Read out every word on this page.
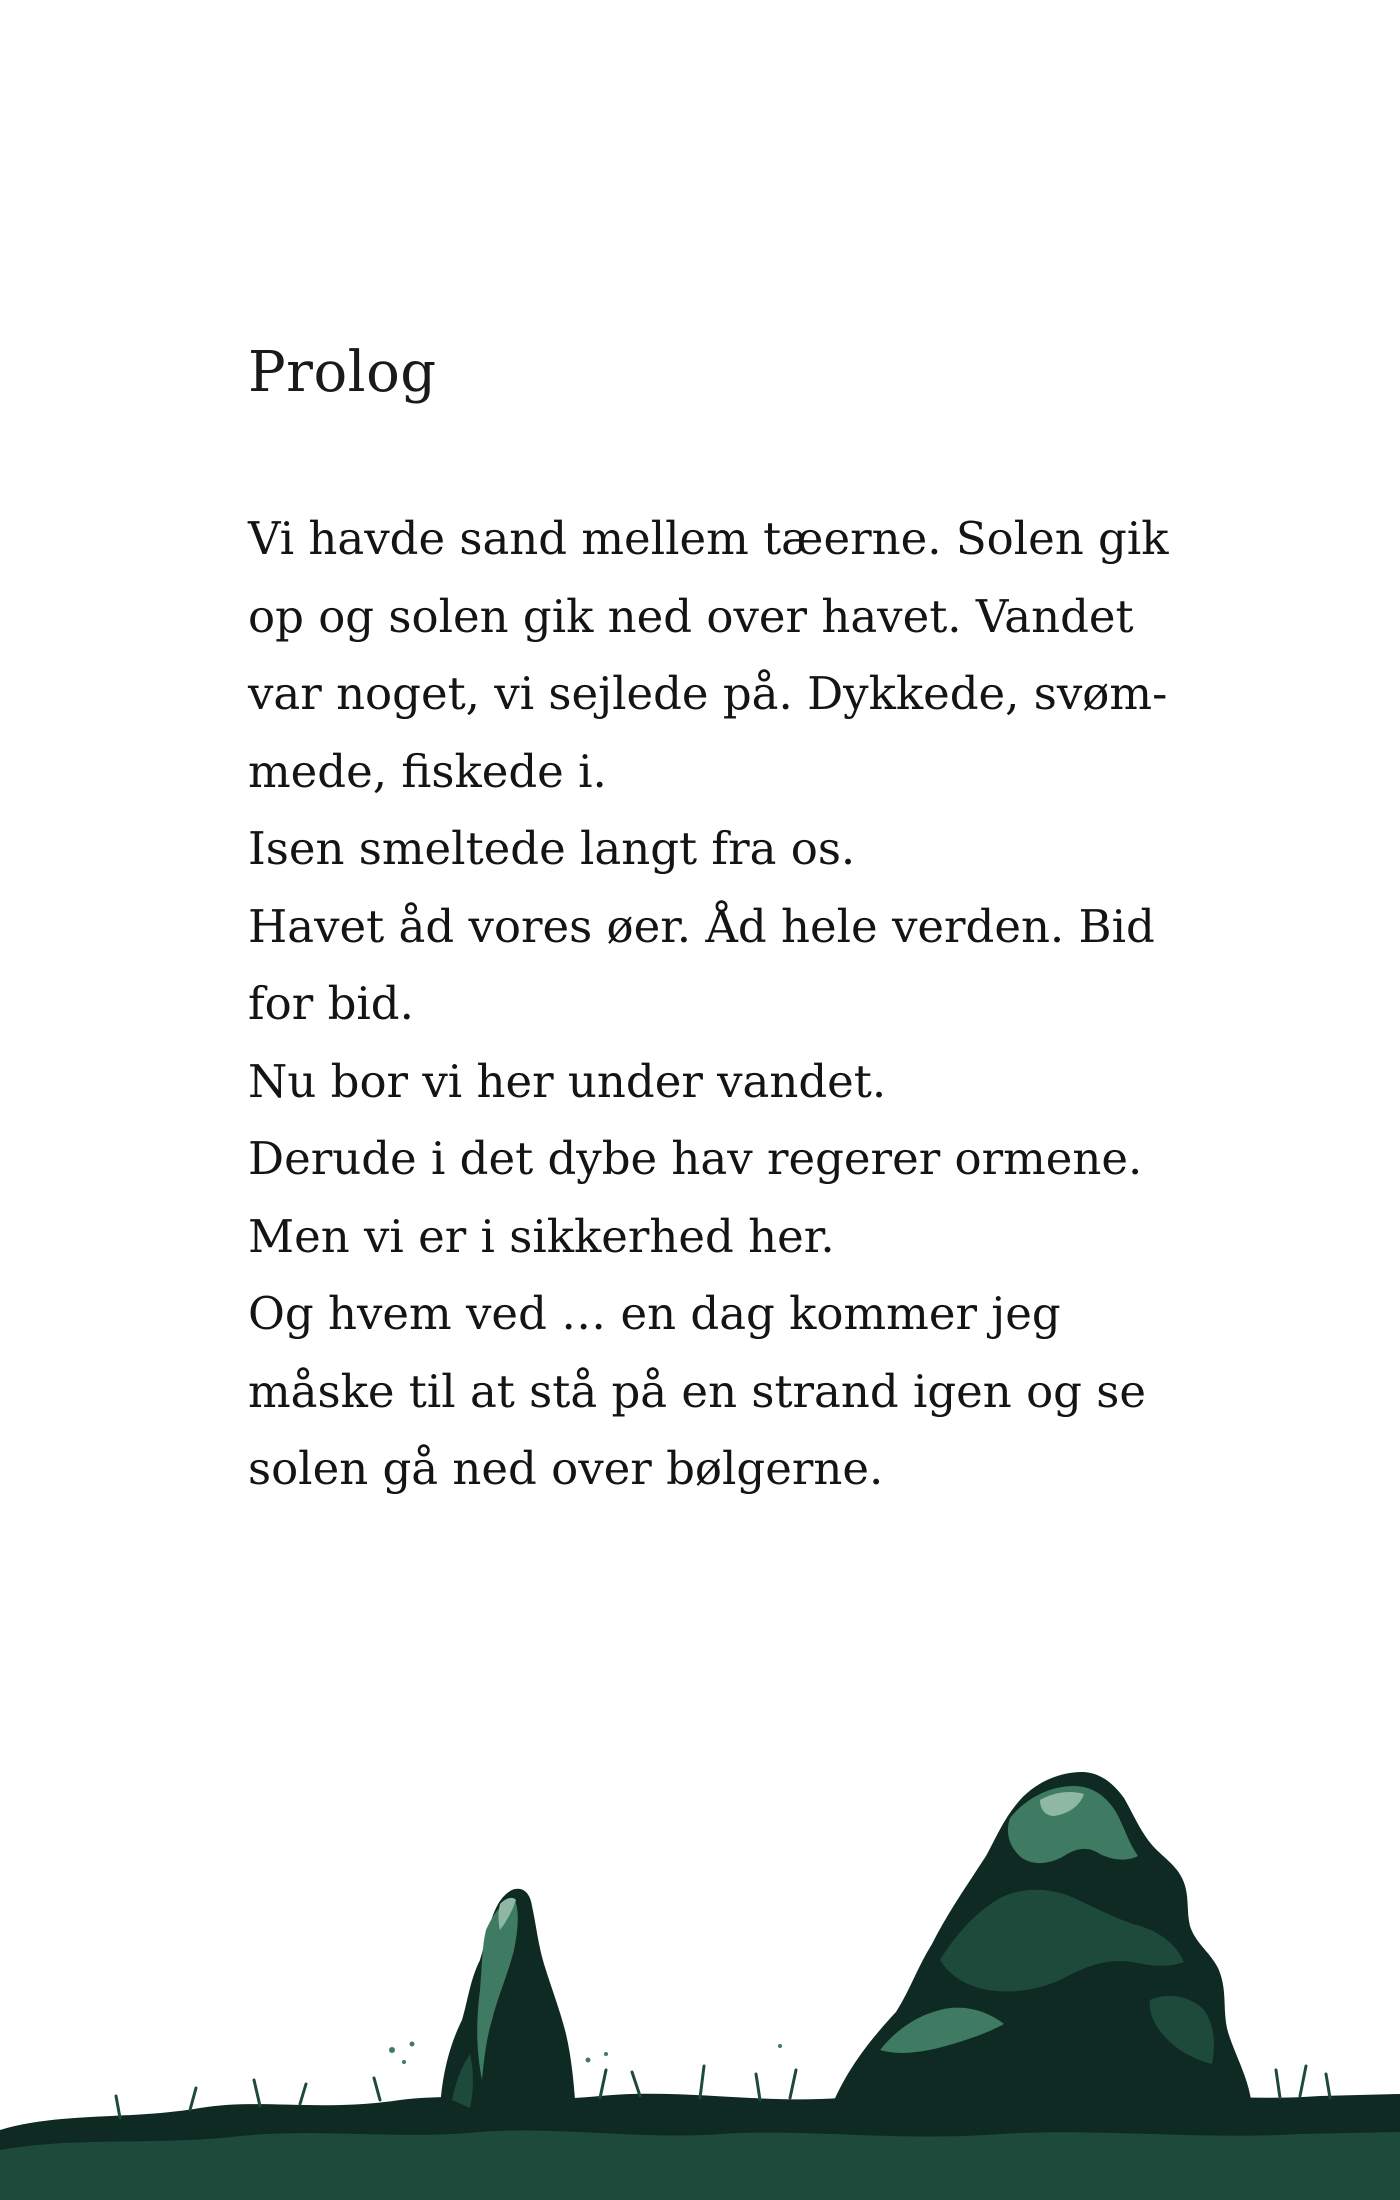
Prolog
Vi havde sand mellem tæerne. Solen gik
op og solen gik ned over havet. Vandet
var noget, vi sejlede på. Dykkede, svøm-
mede, fiskede i.
Isen smeltede langt fra os.
Havet åd vores øer. Åd hele verden. Bid
for bid.
Nu bor vi her under vandet.
Derude i det dybe hav regerer ormene.
Men vi er i sikkerhed her.
Og hvem ved … en dag kommer jeg
måske til at stå på en strand igen og se
solen gå ned over bølgerne.
